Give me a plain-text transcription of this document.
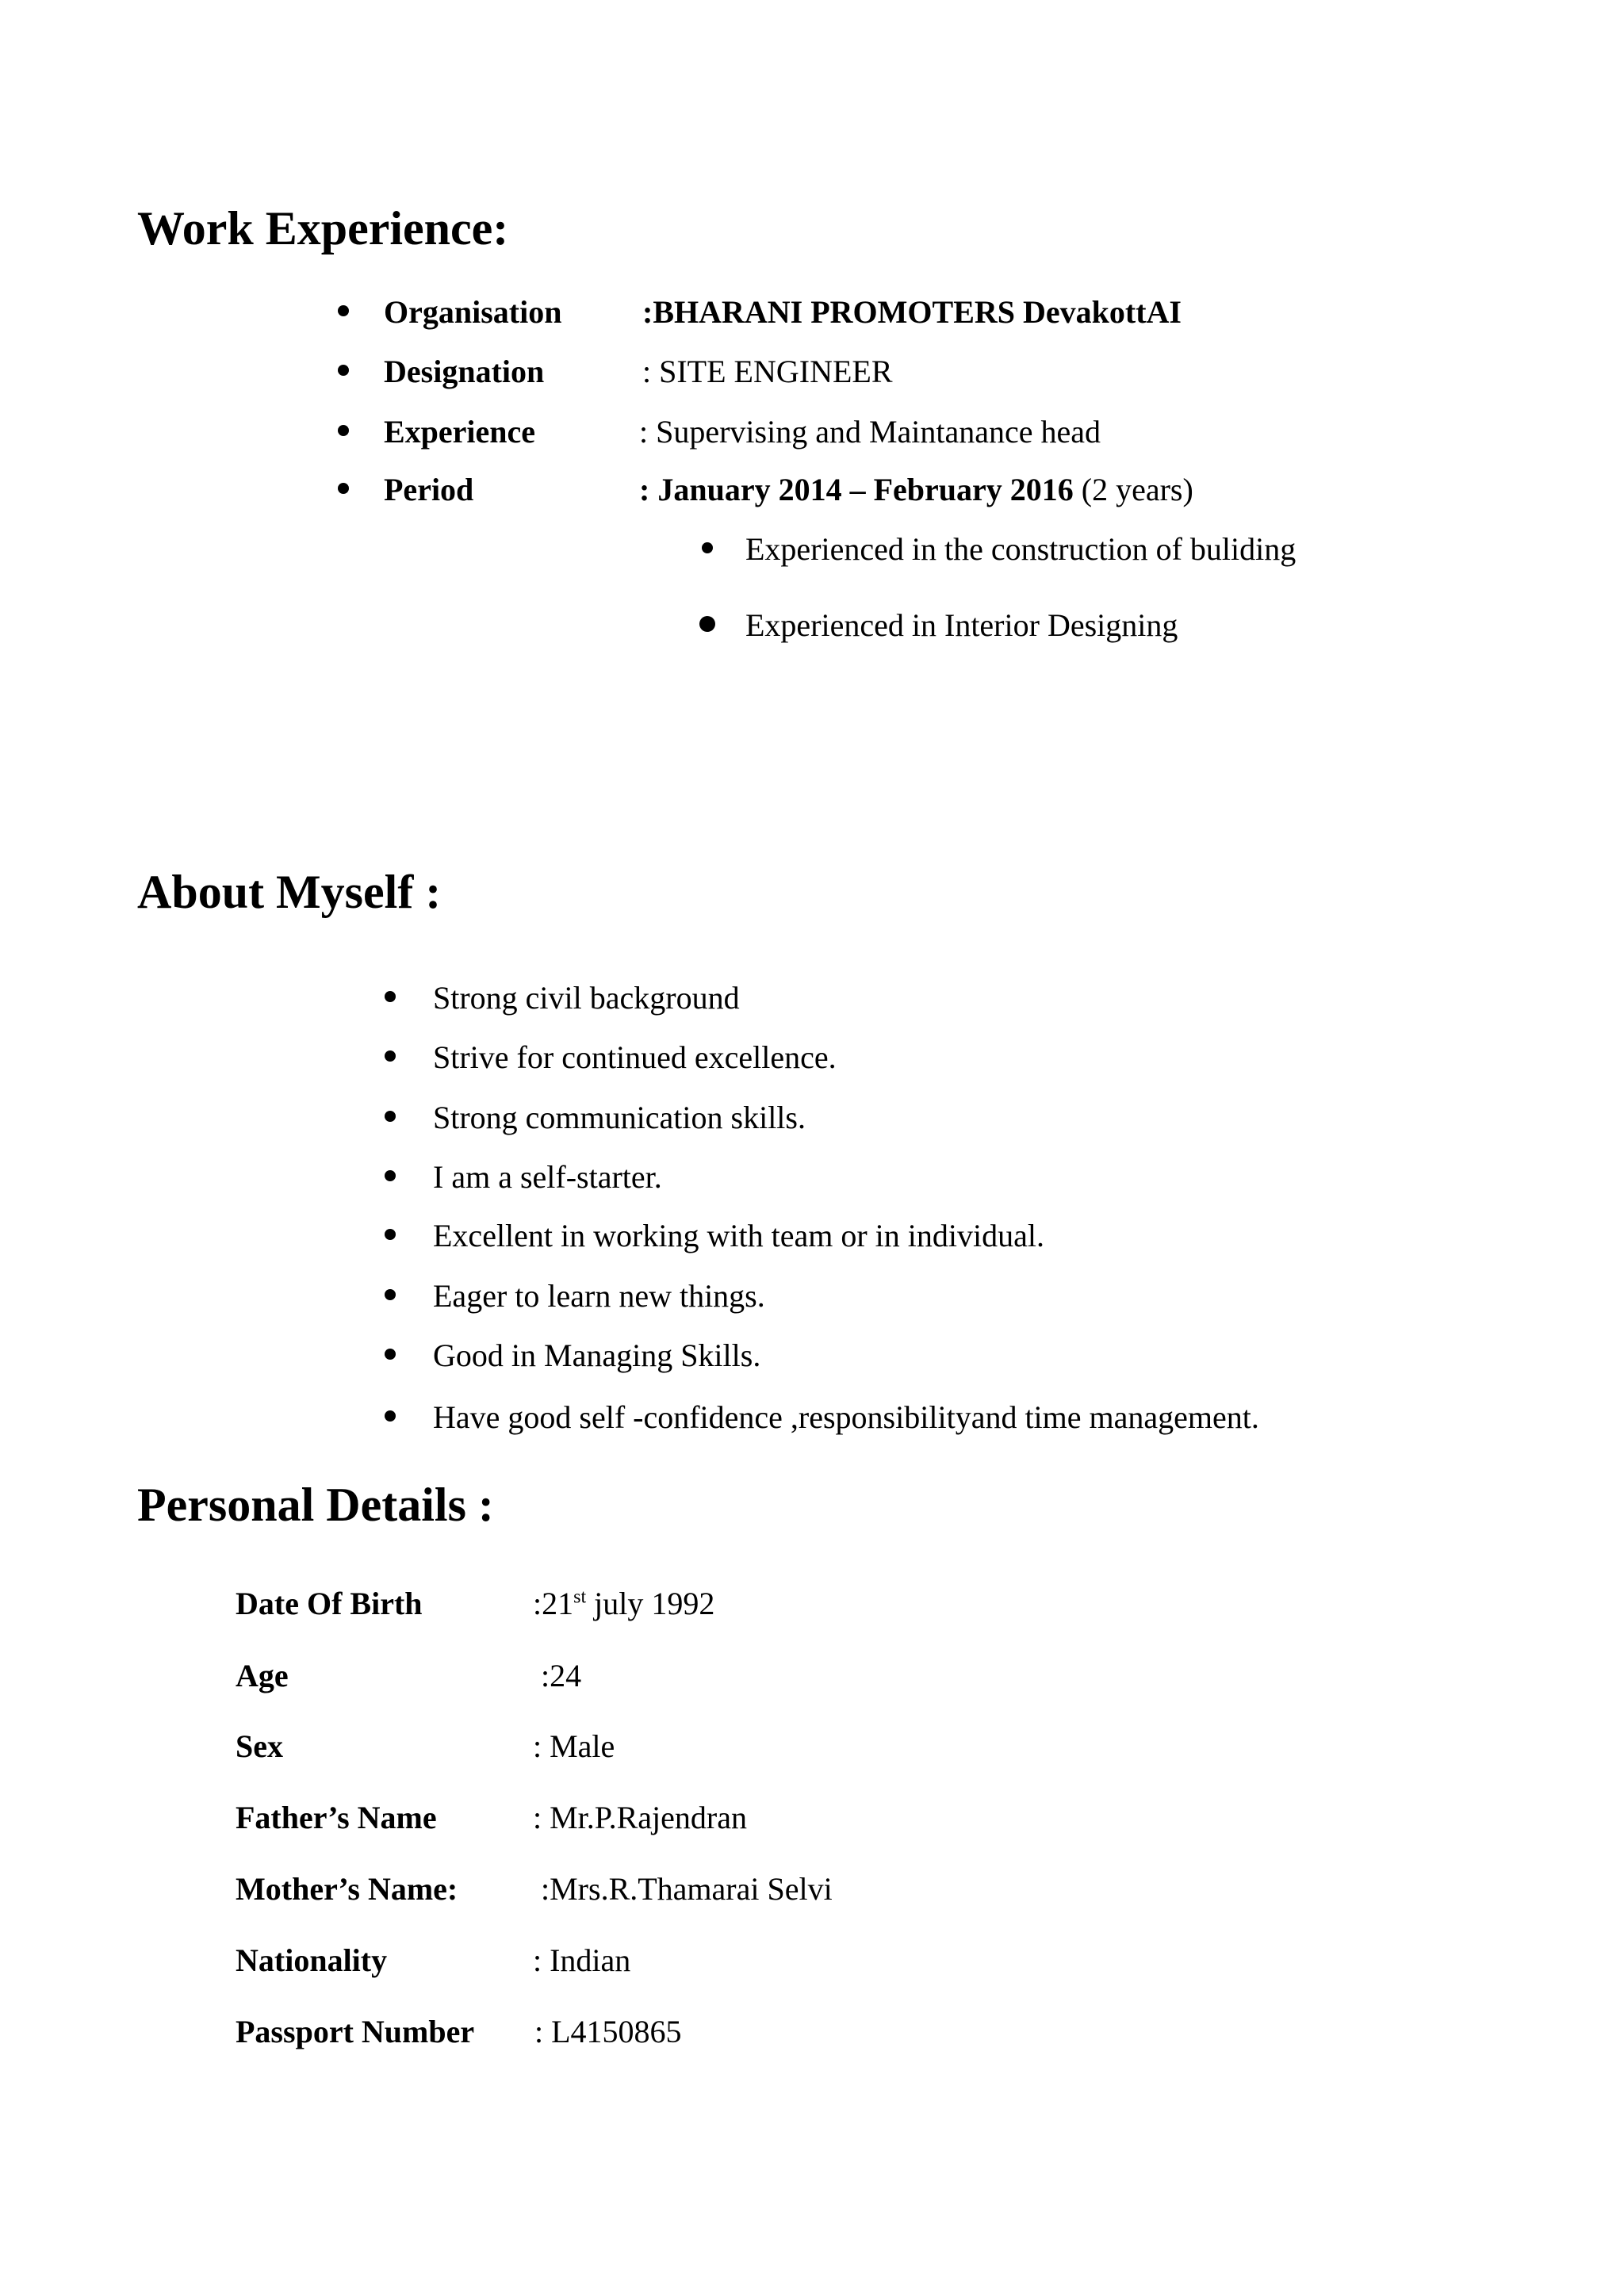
Work Experience:
Organisation	:BHARANI PROMOTERS DevakottAI
Designation	: SITE ENGINEER
Experience	: Supervising and Maintanance head
Period	: January 2014 – February 2016 (2 years)
Experienced in the construction of buliding
Experienced in Interior Designing
About Myself :
Strong civil background
Strive for continued excellence.
Strong communication skills.
I am a self-starter.
Excellent in working with team or in individual.
Eager to learn new things.
Good in Managing Skills.
Have good self -confidence ,responsibilityand time management.
Personal Details :
Date Of Birth	:21st july 1992
Age	:24
Sex	: Male
Father’s Name	: Mr.P.Rajendran
Mother’s Name:	:Mrs.R.Thamarai Selvi
Nationality	: Indian
Passport Number : L4150865
